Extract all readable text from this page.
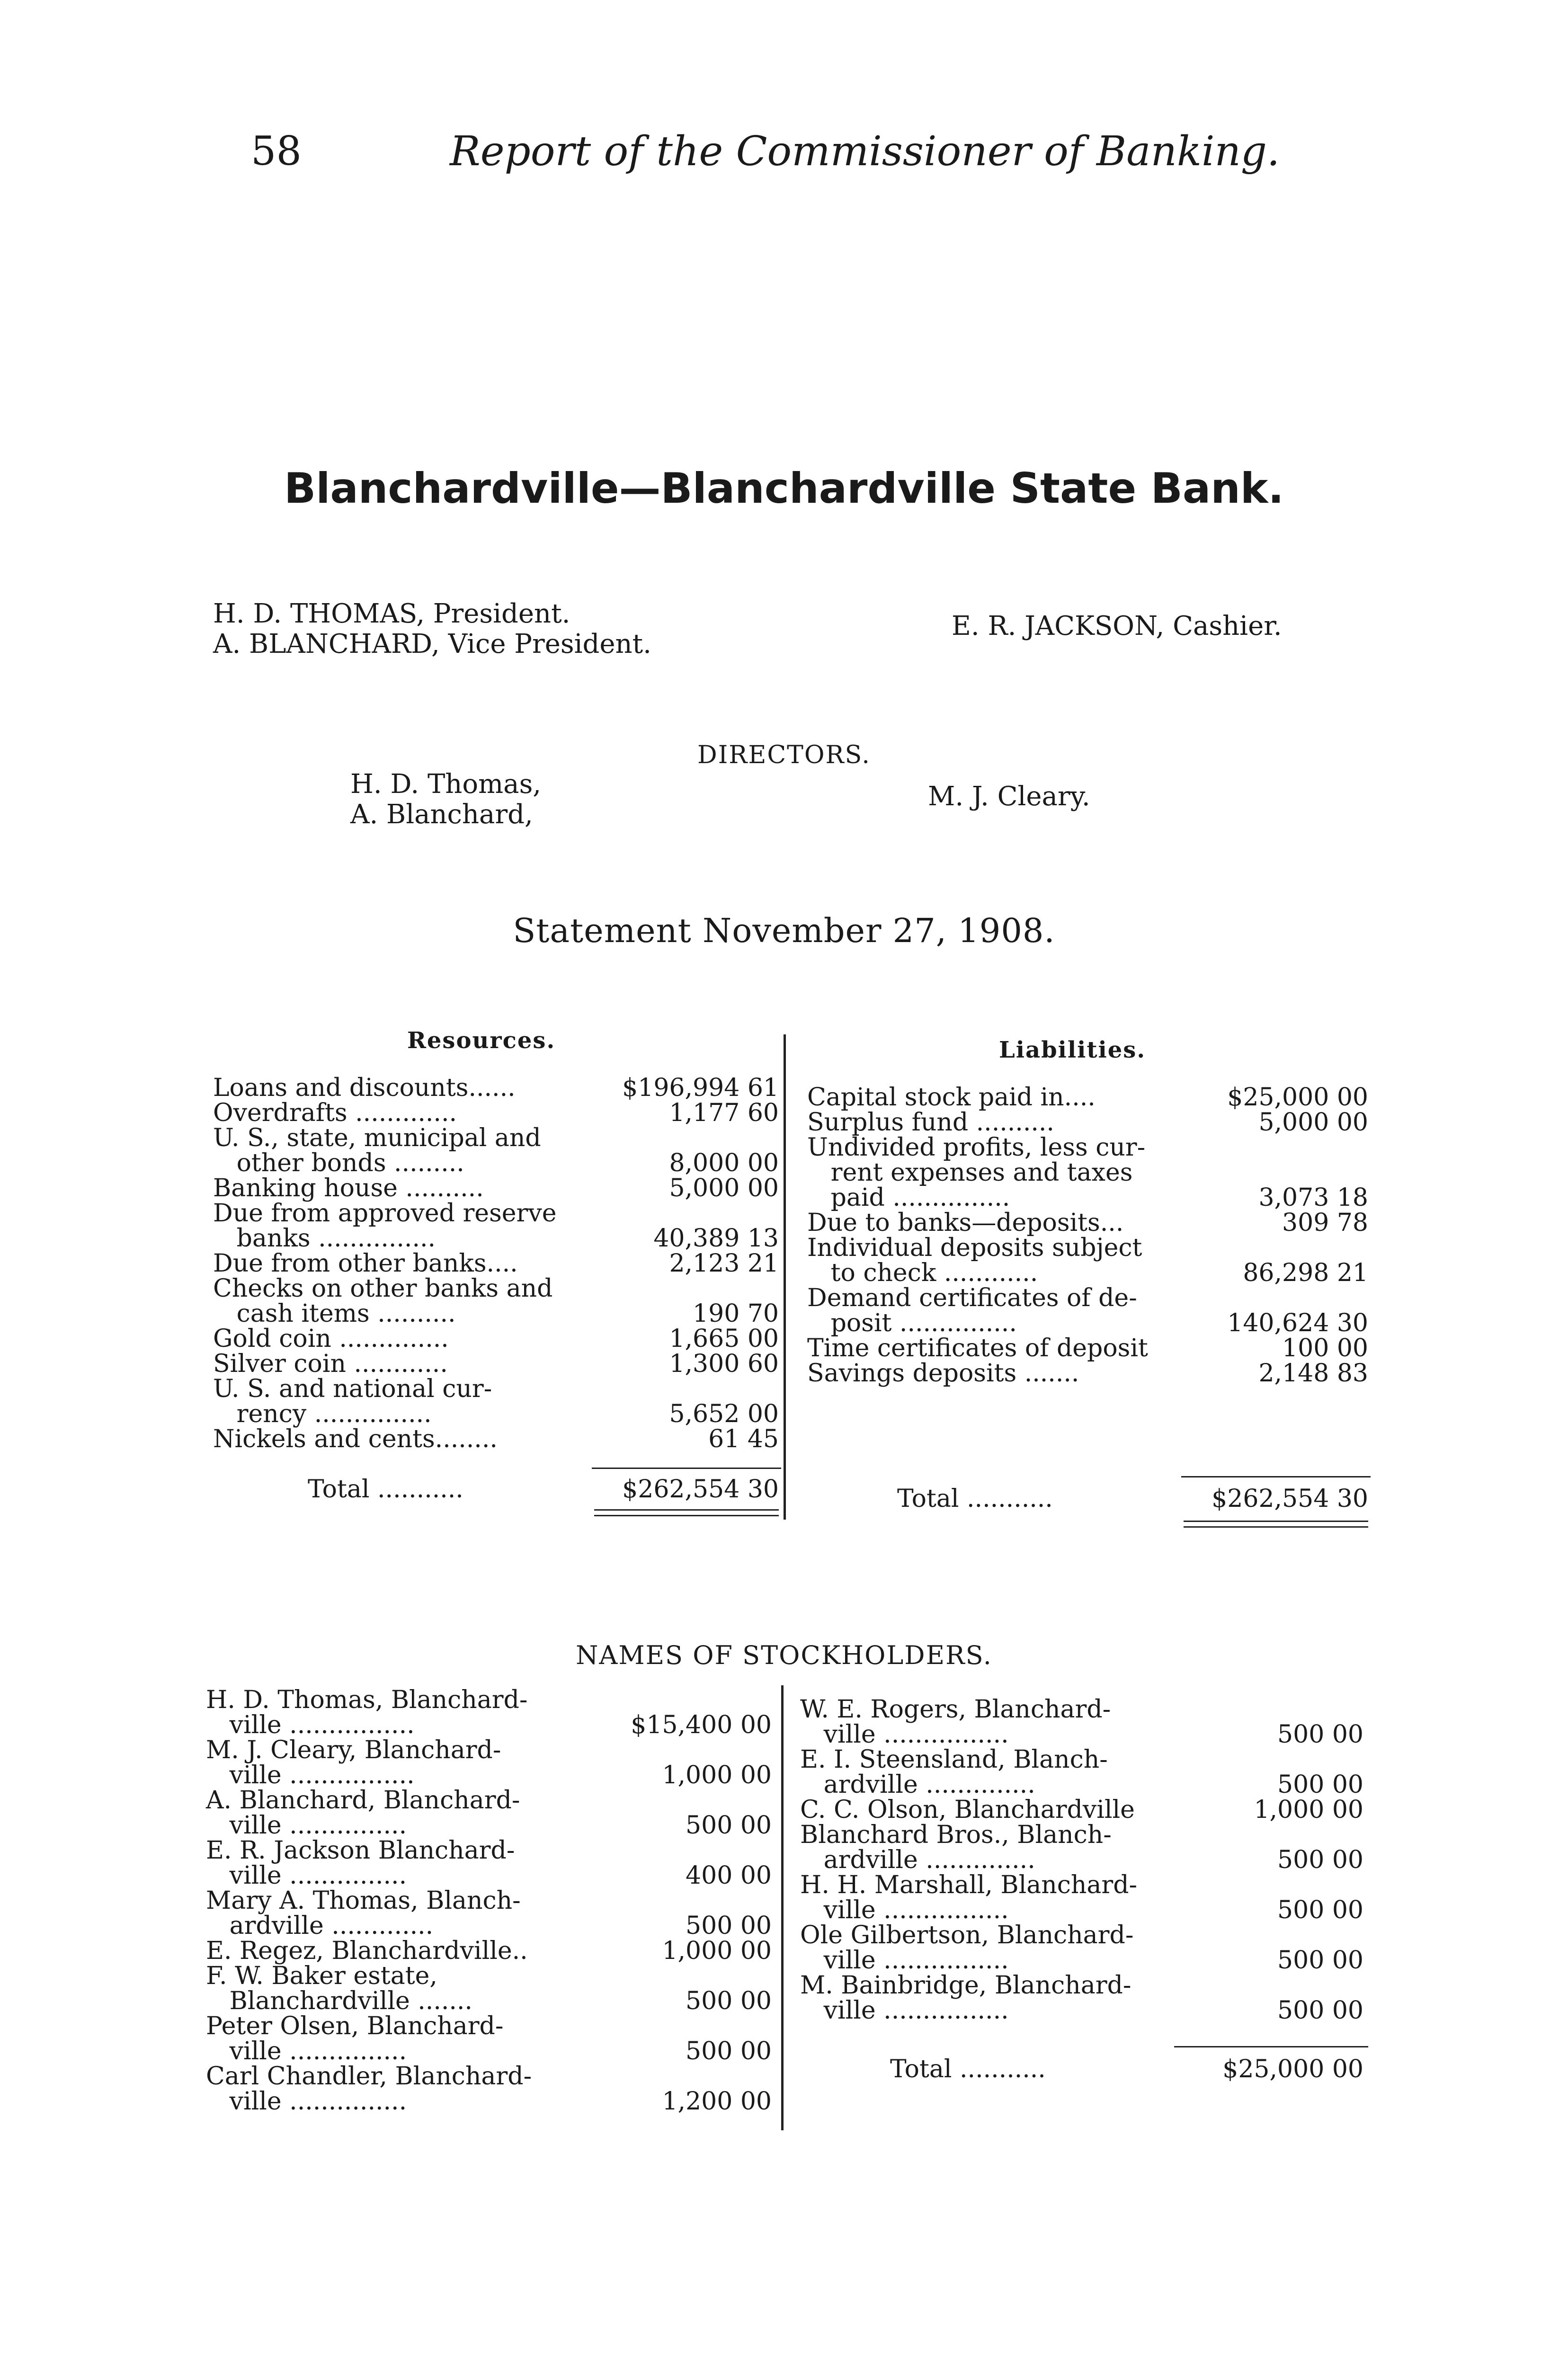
58	Report of the Commissioner of Banking.
Blanchardville—Blanchardville State Bank.
H. D. THOMAS, President.
A. BLANCHARD, Vice President.
E. R. JACKSON, Cashier.
DIRECTORS.
H. D. Thomas,
A. Blanchard,
M. J. Cleary.
Statement November 27, 1908.
Resources.	Liabilities.
Loans and discounts......	$196,994 61
Overdrafts .............	1,177 60
U. S., state, municipal and
other bonds .........	8,000 00
Banking house ..........	5,000 00
Due from approved reserve
banks ...............	40,389 13
Due from other banks....	2,123 21
Checks on other banks and
cash items ..........	190 70
Gold coin ..............	1,665 00
Silver coin ............	1,300 60
U. S. and national cur-
rency ...............	5,652 00
Nickels and cents........	61 45
Total ...........	$262,554 30
Capital stock paid in....	$25,000 00
Surplus fund ..........	5,000 00
Undivided profits, less cur-
rent expenses and taxes
paid ...............	3,073 18
Due to banks—deposits...	309 78
Individual deposits subject
to check ............	86,298 21
Demand certificates of de-
posit ...............	140,624 30
Time certificates of deposit	100 00
Savings deposits .......	2,148 83
Total ...........	$262,554 30
NAMES OF STOCKHOLDERS.
H. D. Thomas, Blanchard-
ville ................	$15,400 00
M. J. Cleary, Blanchard-
ville ................	1,000 00
A. Blanchard, Blanchard-
ville ...............	500 00
E. R. Jackson Blanchard-
ville ...............	400 00
Mary A. Thomas, Blanch-
ardville .............	500 00
E. Regez, Blanchardville..	1,000 00
F. W. Baker estate,
Blanchardville .......	500 00
Peter Olsen, Blanchard-
ville ...............	500 00
Carl Chandler, Blanchard-
ville ...............	1,200 00
W. E. Rogers, Blanchard-
ville ................	500 00
E. I. Steensland, Blanch-
ardville ..............	500 00
C. C. Olson, Blanchardville	1,000 00
Blanchard Bros., Blanch-
ardville ..............	500 00
H. H. Marshall, Blanchard-
ville ................	500 00
Ole Gilbertson, Blanchard-
ville ................	500 00
M. Bainbridge, Blanchard-
ville ................	500 00
Total ...........	$25,000 00
